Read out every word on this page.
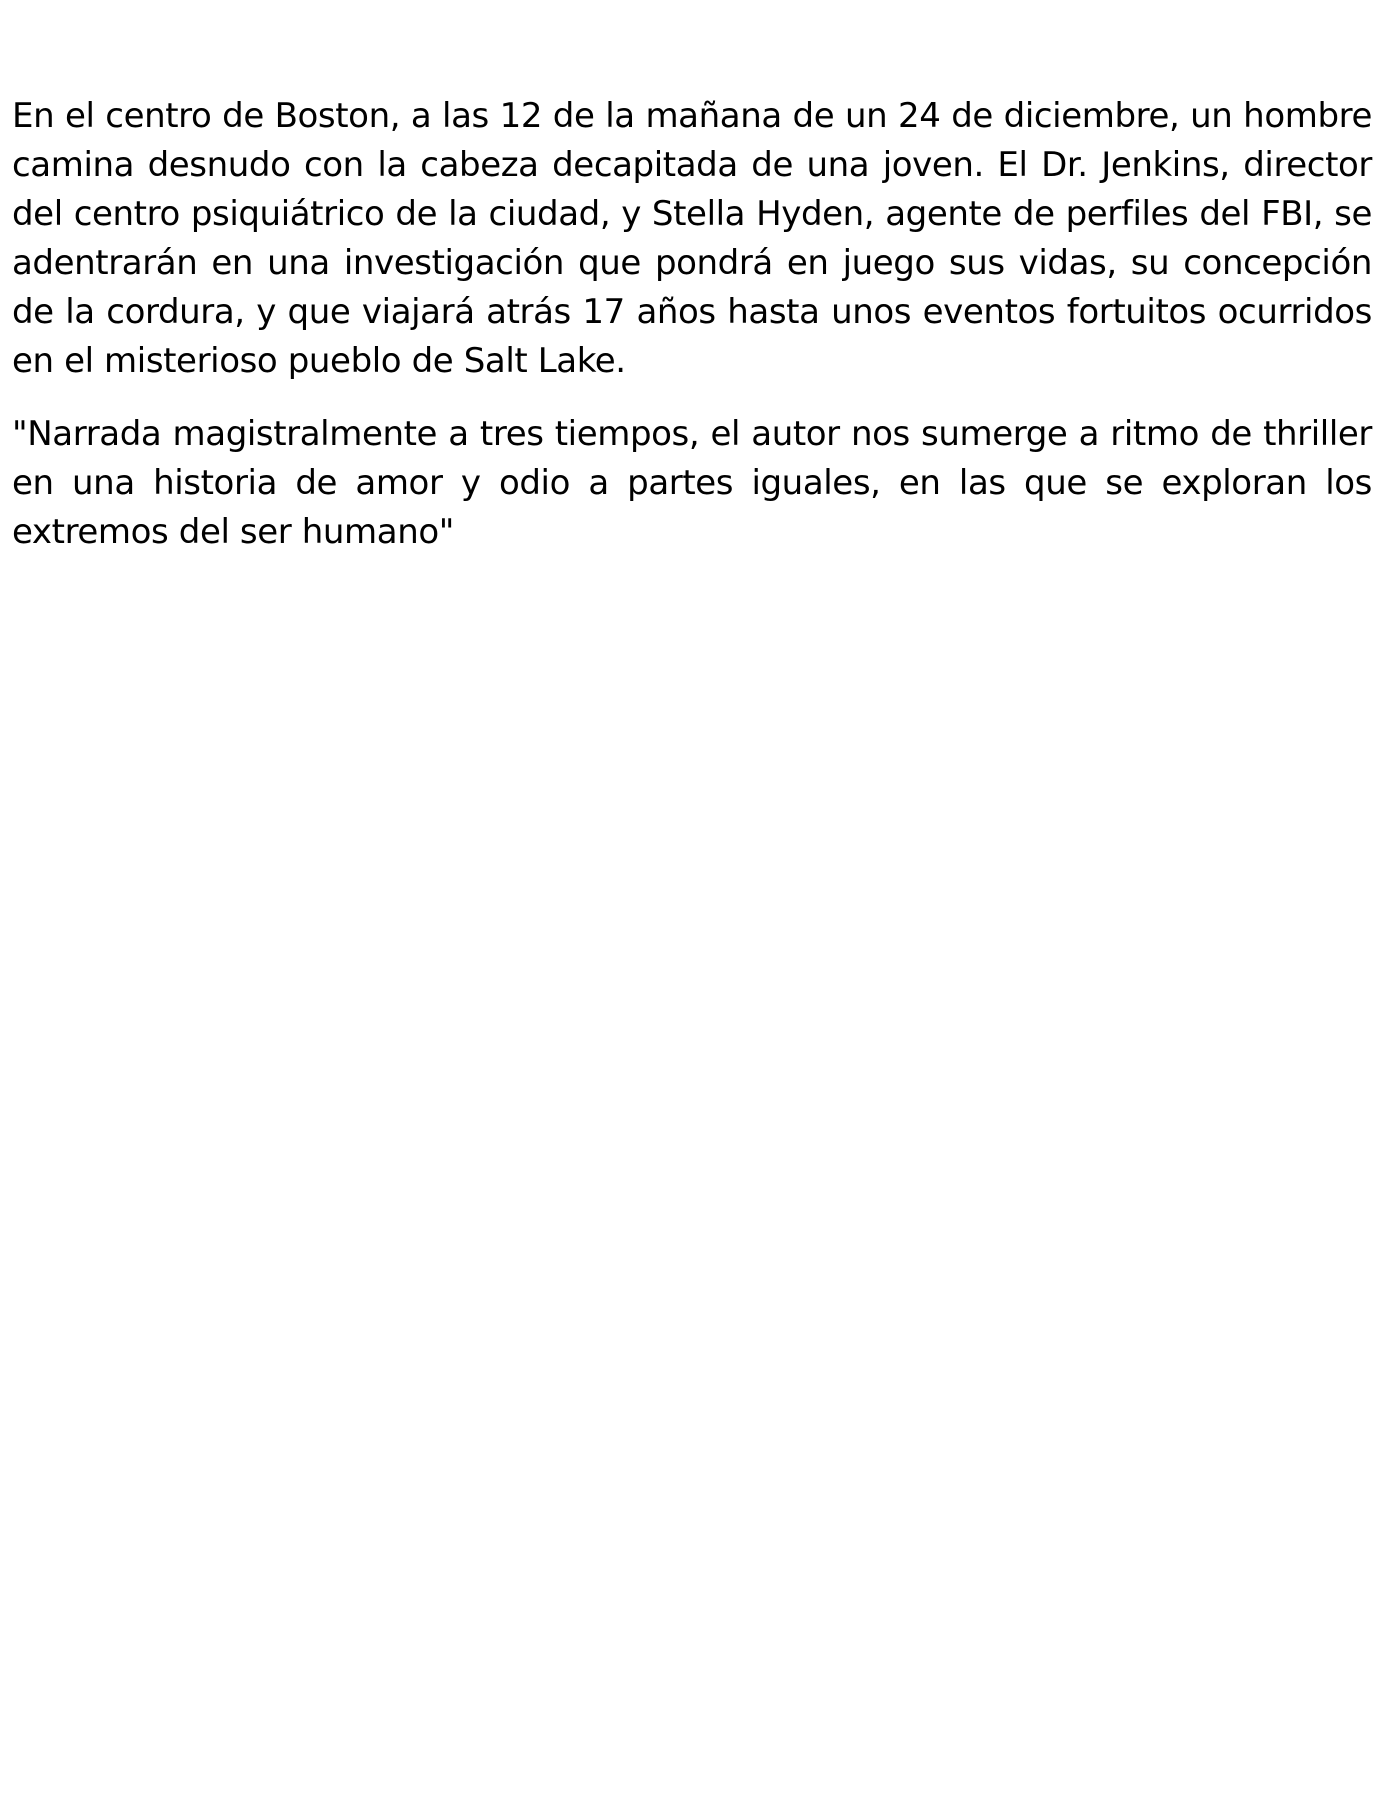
En el centro de Boston, a las 12 de la mañana de un 24 de diciembre, un hombre camina desnudo con la cabeza decapitada de una joven. El Dr. Jenkins, director del centro psiquiátrico de la ciudad, y Stella Hyden, agente de perfiles del FBI, se adentrarán en una investigación que pondrá en juego sus vidas, su concepción de la cordura, y que viajará atrás 17 años hasta unos eventos fortuitos ocurridos en el misterioso pueblo de Salt Lake.

"Narrada magistralmente a tres tiempos, el autor nos sumerge a ritmo de thriller en una historia de amor y odio a partes iguales, en las que se exploran los extremos del ser humano"
